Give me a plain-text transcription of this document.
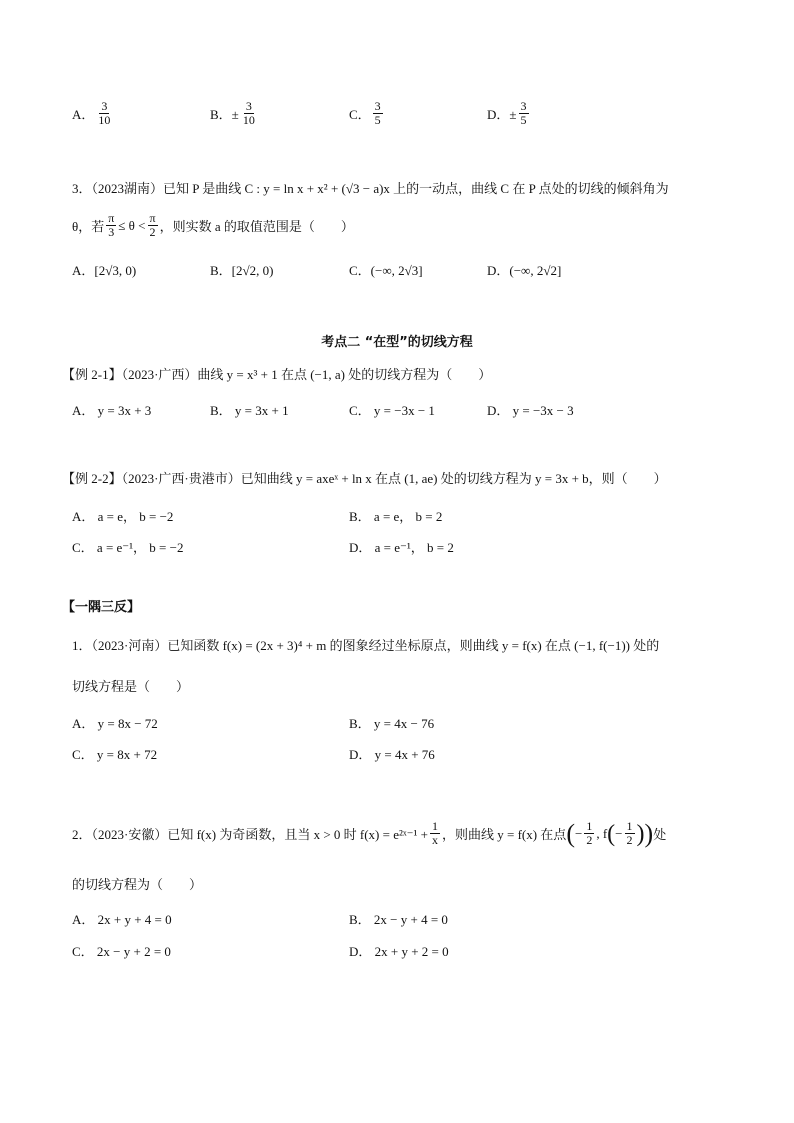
A． $\frac{3}{10}$	B．± $\frac{3}{10}$	C． $\frac{3}{5}$	D．± $\frac{3}{5}$
3．（2023湖南）已知 P 是曲线 C : y = ln x + x² + (√3 − a)x 上的一动点，曲线 C 在 P 点处的切线的倾斜角为
θ，若 $\frac{\pi}{3} \le \theta < \frac{\pi}{2}$ ，则实数 a 的取值范围是（　　）
A．[2√3, 0)	B．[2√2, 0)	C．(−∞, 2√3]	D．(−∞, 2√2]
考点二 “在型”的切线方程
【例 2-1】（2023·广西）曲线 y = x³ + 1 在点 (−1, a) 处的切线方程为（　　）
A． y = 3x + 3	B． y = 3x + 1	C． y = −3x − 1	D． y = −3x − 3
【例 2-2】（2023·广西·贵港市）已知曲线 y = axeˣ + ln x 在点 (1, ae) 处的切线方程为 y = 3x + b，则（　　）
A． a = e， b = −2	B． a = e， b = 2
C． a = e⁻¹， b = −2	D． a = e⁻¹， b = 2
【一隅三反】
1．（2023·河南）已知函数 f(x) = (2x + 3)⁴ + m 的图象经过坐标原点，则曲线 y = f(x) 在点 (−1, f(−1)) 处的
切线方程是（　　）
A． y = 8x − 72	B． y = 4x − 76
C． y = 8x + 72	D． y = 4x + 76
2．（2023·安徽）已知 f(x) 为奇函数，且当 x > 0 时 f(x) = e²ˣ⁻¹ + $\frac{1}{x}$ ，则曲线 y = f(x) 在点 ( − $\frac{1}{2}$ , f ( − $\frac{1}{2}$ ) ) 处
的切线方程为（　　）
A． 2x + y + 4 = 0	B． 2x − y + 4 = 0
C． 2x − y + 2 = 0	D． 2x + y + 2 = 0
